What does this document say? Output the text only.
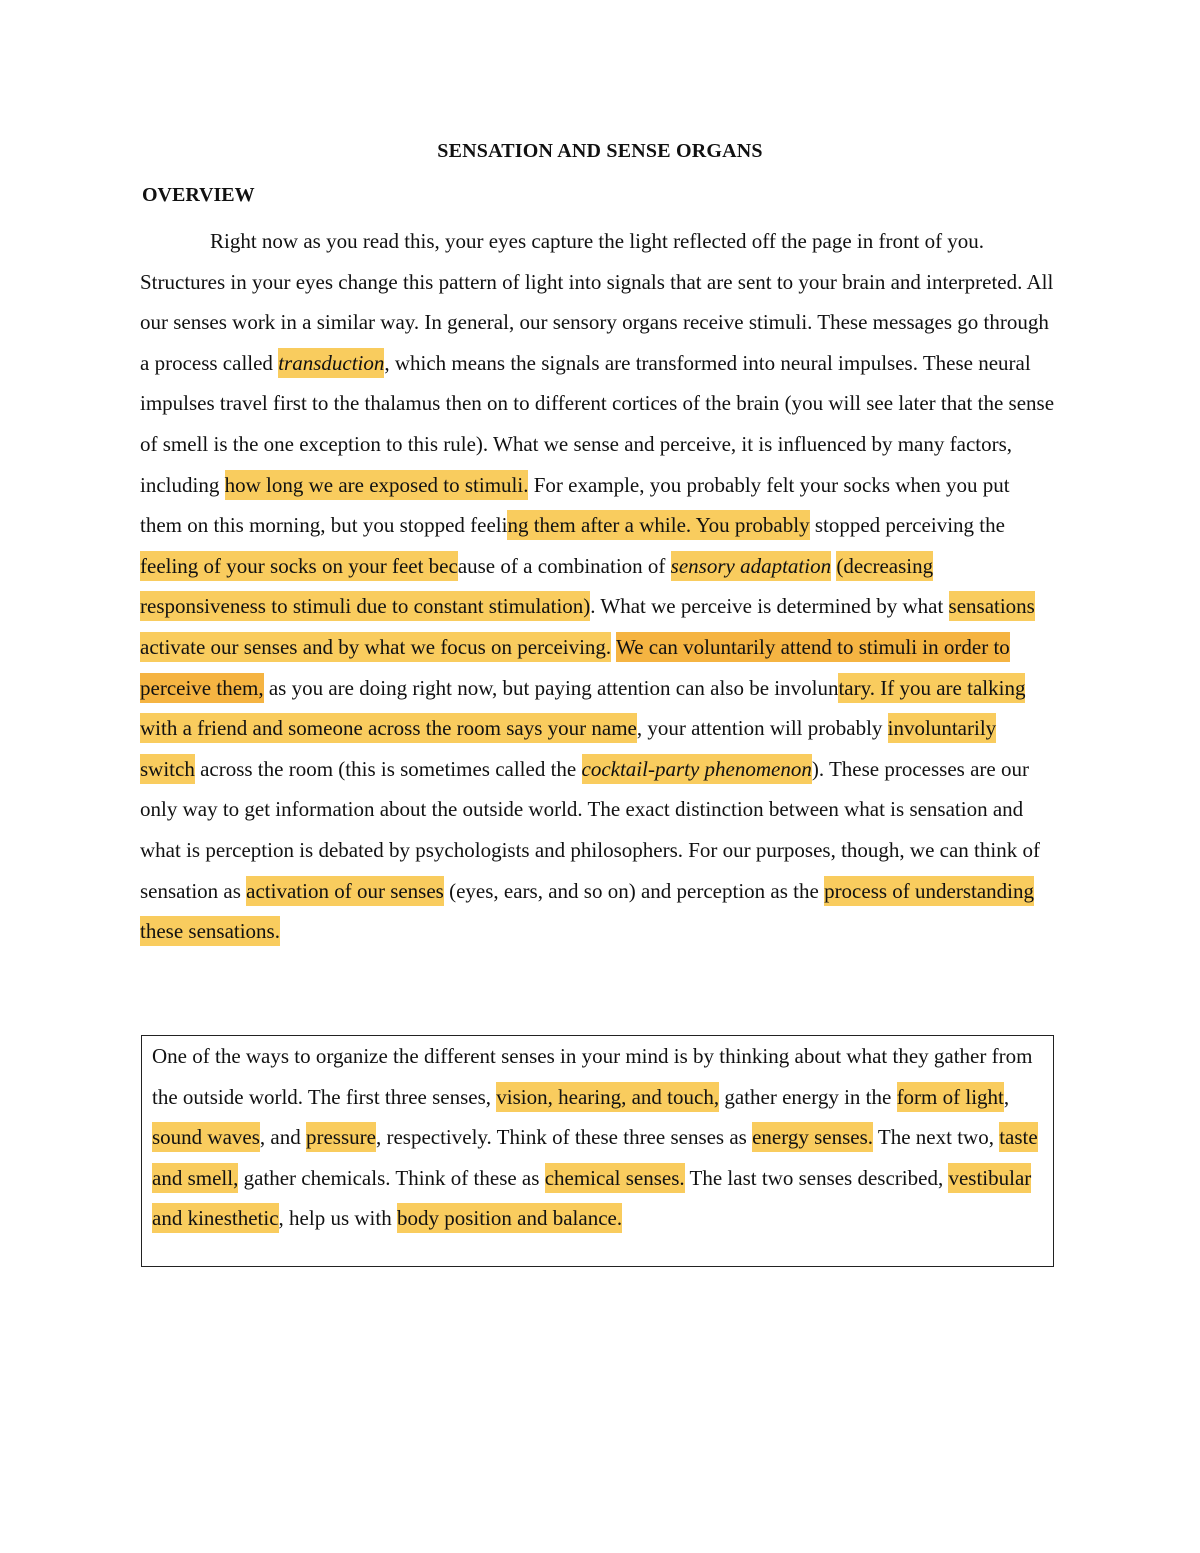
SENSATION AND SENSE ORGANS
OVERVIEW

Right now as you read this, your eyes capture the light reflected off the page in front of you. Structures in your eyes change this pattern of light into signals that are sent to your brain and interpreted. All our senses work in a similar way. In general, our sensory organs receive stimuli. These messages go through a process called transduction, which means the signals are transformed into neural impulses. These neural impulses travel first to the thalamus then on to different cortices of the brain (you will see later that the sense of smell is the one exception to this rule). What we sense and perceive, it is influenced by many factors, including how long we are exposed to stimuli. For example, you probably felt your socks when you put them on this morning, but you stopped feeling them after a while. You probably stopped perceiving the feeling of your socks on your feet because of a combination of sensory adaptation (decreasing responsiveness to stimuli due to constant stimulation). What we perceive is determined by what sensations activate our senses and by what we focus on perceiving. We can voluntarily attend to stimuli in order to perceive them, as you are doing right now, but paying attention can also be involuntary. If you are talking with a friend and someone across the room says your name, your attention will probably involuntarily switch across the room (this is sometimes called the cocktail-party phenomenon). These processes are our only way to get information about the outside world. The exact distinction between what is sensation and what is perception is debated by psychologists and philosophers. For our purposes, though, we can think of sensation as activation of our senses (eyes, ears, and so on) and perception as the process of understanding these sensations.

One of the ways to organize the different senses in your mind is by thinking about what they gather from the outside world. The first three senses, vision, hearing, and touch, gather energy in the form of light, sound waves, and pressure, respectively. Think of these three senses as energy senses. The next two, taste and smell, gather chemicals. Think of these as chemical senses. The last two senses described, vestibular and kinesthetic, help us with body position and balance.
